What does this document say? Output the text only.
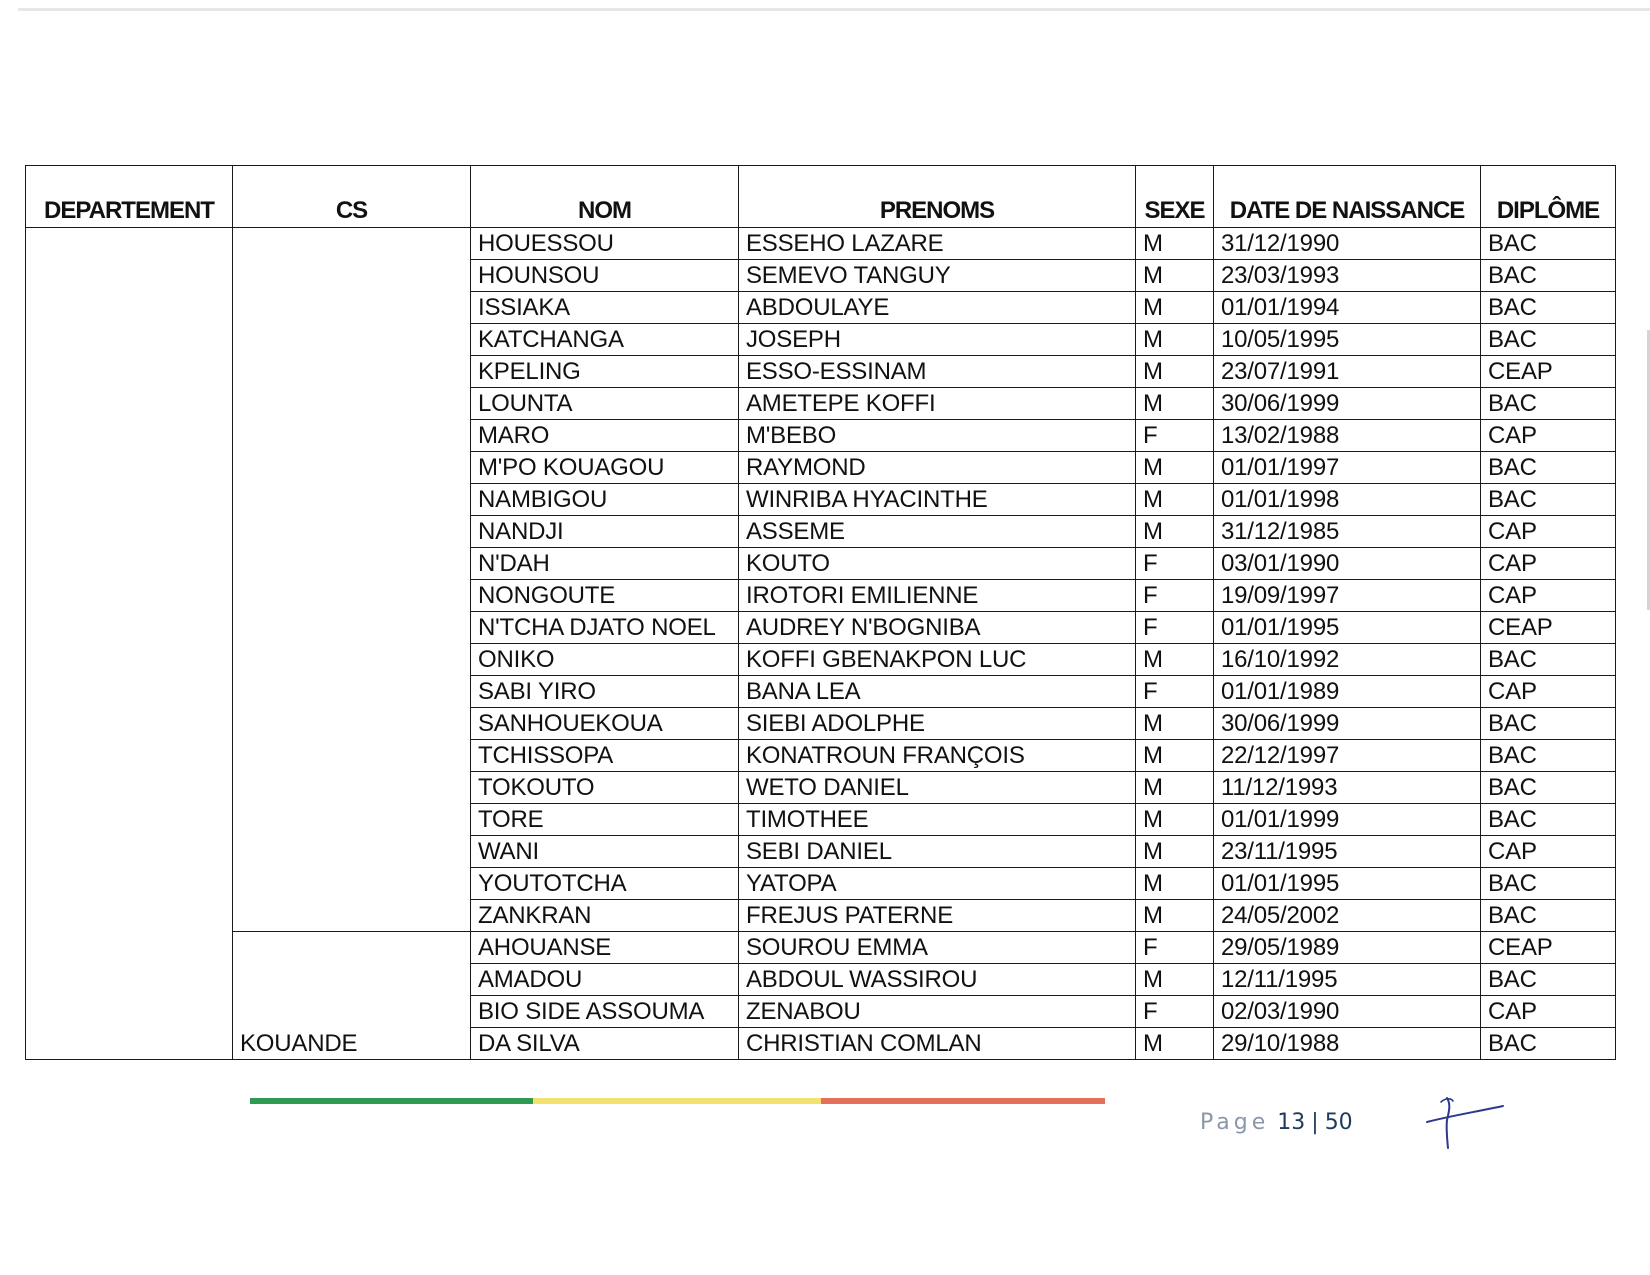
DEPARTEMENT	CS	NOM	PRENOMS	SEXE	DATE DE NAISSANCE	DIPLÔME
		HOUESSOU	ESSEHO LAZARE	M	31/12/1990	BAC
		HOUNSOU	SEMEVO TANGUY	M	23/03/1993	BAC
		ISSIAKA	ABDOULAYE	M	01/01/1994	BAC
		KATCHANGA	JOSEPH	M	10/05/1995	BAC
		KPELING	ESSO-ESSINAM	M	23/07/1991	CEAP
		LOUNTA	AMETEPE KOFFI	M	30/06/1999	BAC
		MARO	M'BEBO	F	13/02/1988	CAP
		M'PO KOUAGOU	RAYMOND	M	01/01/1997	BAC
		NAMBIGOU	WINRIBA HYACINTHE	M	01/01/1998	BAC
		NANDJI	ASSEME	M	31/12/1985	CAP
		N'DAH	KOUTO	F	03/01/1990	CAP
		NONGOUTE	IROTORI EMILIENNE	F	19/09/1997	CAP
		N'TCHA DJATO NOEL	AUDREY N'BOGNIBA	F	01/01/1995	CEAP
		ONIKO	KOFFI GBENAKPON LUC	M	16/10/1992	BAC
		SABI YIRO	BANA LEA	F	01/01/1989	CAP
		SANHOUEKOUA	SIEBI ADOLPHE	M	30/06/1999	BAC
		TCHISSOPA	KONATROUN FRANÇOIS	M	22/12/1997	BAC
		TOKOUTO	WETO DANIEL	M	11/12/1993	BAC
		TORE	TIMOTHEE	M	01/01/1999	BAC
		WANI	SEBI DANIEL	M	23/11/1995	CAP
		YOUTOTCHA	YATOPA	M	01/01/1995	BAC
		ZANKRAN	FREJUS PATERNE	M	24/05/2002	BAC
	KOUANDE	AHOUANSE	SOUROU EMMA	F	29/05/1989	CEAP
		AMADOU	ABDOUL WASSIROU	M	12/11/1995	BAC
		BIO SIDE ASSOUMA	ZENABOU	F	02/03/1990	CAP
		DA SILVA	CHRISTIAN COMLAN	M	29/10/1988	BAC
Page 13 | 50
